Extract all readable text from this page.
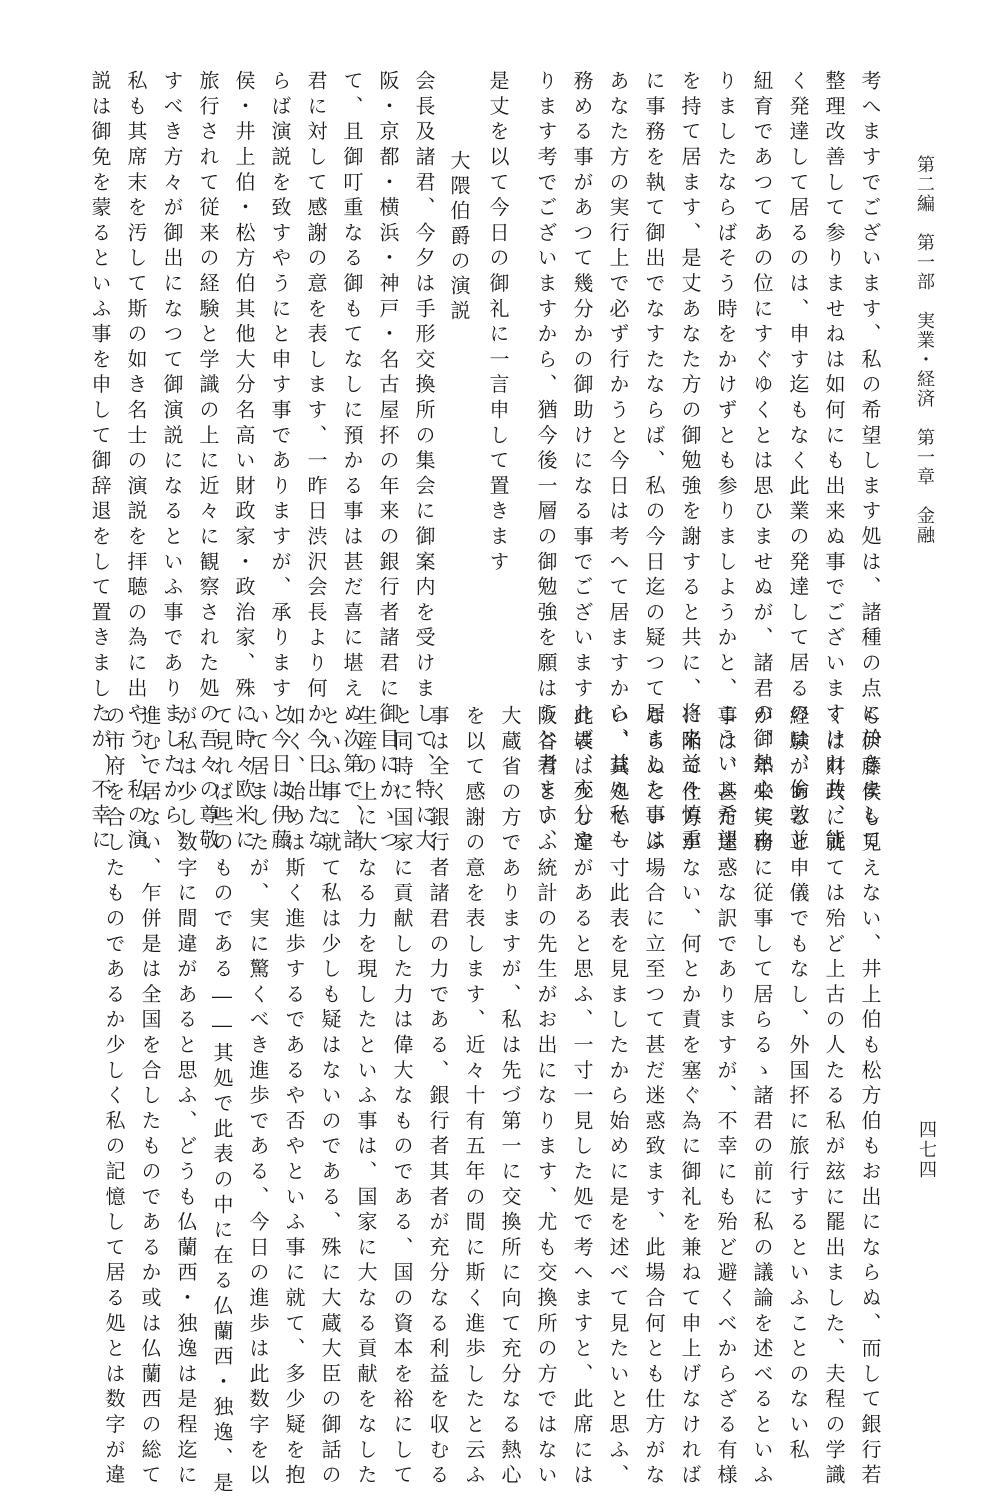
第二編　第一部　実業・経済　第一章　金融
四七四
大隈伯爵の演説	考へますでございます、私の希望します処は、諸種の点に於きまして
整理改善して参りませねは如何にも出来ぬ事でございますけれ共、能
く発達して居るのは、申す迄もなく此業の発達して居るのは、倫敦並
紐育であつてあの位にすぐゆくとは思ひませぬが、諸君の御熱心に由
りましたならばそう時をかけずとも参りましようかと、こういふ希望
を持て居ます、是丈あなた方の御勉強を謝すると共に、将来益々慎重
に事務を執て御出でなすたならば、私の今日迄の疑つて居ました事は
あなた方の実行上で必ず行かうと今日は考へて居ますから、益々私も
務める事があつて幾分かの御助けになる事でございますれば、充分や
ります考でございますから、猶今後一層の御勉強を願はうと考ます、
是丈を以て今日の御礼に一言申して置きます
会長及諸君、今夕は手形交換所の集会に御案内を受けまして、特に大
阪・京都・横浜・神戸・名古屋抔の年来の銀行者諸君に御目にかゝつ
て、且御叮重なる御もてなしに預かる事は甚だ喜に堪えぬ次第で、諸
君に対して感謝の意を表します、一昨日渋沢会長より何か今日出たな
らば演説を致すやうにと申す事でありますが、承りますと今日は伊藤
侯・井上伯・松方伯其他大分名高い財政家・政治家、殊に時々欧米に
旅行されて従来の経験と学識の上に近々に観察された処の吾々の尊敬
すべき方々が御出になつて御演説になるといふ事でありましたから、
私も其席末を汚して斯の如き名士の演説を拝聴の為に出やう、私の演
説は御免を蒙るといふ事を申して御辞退をして置きましたが、不幸に
も伊藤侯も見えない、井上伯も松方伯もお出にならぬ、而して銀行若
くは財政に就ては殆ど上古の人たる私が玆に罷出ました、夫程の学識
経験があると申儀でもなし、外国抔に旅行するといふことのない私
が、年来実務に従事して居らるゝ諸君の前に私の議論を述べるといふ
事は、甚だ迷惑な訳でありますが、不幸にも殆ど避くべからざる有様
に陥て仕方がない、何とか責を塞ぐ為に御礼を兼ねて申上げなければ
ならぬといふ場合に立至つて甚だ迷惑致ます、此場合何とも仕方がな
い、其処で一寸此表を見ましたから始めに是を述べて見たいと思ふ、
此表は少し違があると思ふ、一寸一見した処で考へますと、此席には
阪谷君といふ統計の先生がお出になります、尤も交換所の方ではない
大蔵省の方でありますが、私は先づ第一に交換所に向て充分なる熱心
を以て感謝の意を表します、近々十有五年の間に斯く進歩したと云ふ
事は全く銀行者諸君の力である、銀行者其者が充分なる利益を収むる
と同時に国家に貢献した力は偉大なものである、国の資本を裕にして
生産の上に大なる力を現したといふ事は、国家に大なる貢献をなした
といふ事に就て私は少しも疑はないのである、殊に大蔵大臣の御話の
如く、始めは斯く進歩するであるや否やといふ事に就て、多少疑を抱
いて居ましたが、実に驚くべき進歩である、今日の進歩は此数字を以
て見れば些のものである――其処で此表の中に在る仏蘭西・独逸、是
が私は少し数字に間違があると思ふ、どうも仏蘭西・独逸は是程迄に
進むで居ない、乍併是は全国を合したものであるか或は仏蘭西の総て
の市府を合したものであるか少しく私の記憶して居る処とは数字が違
